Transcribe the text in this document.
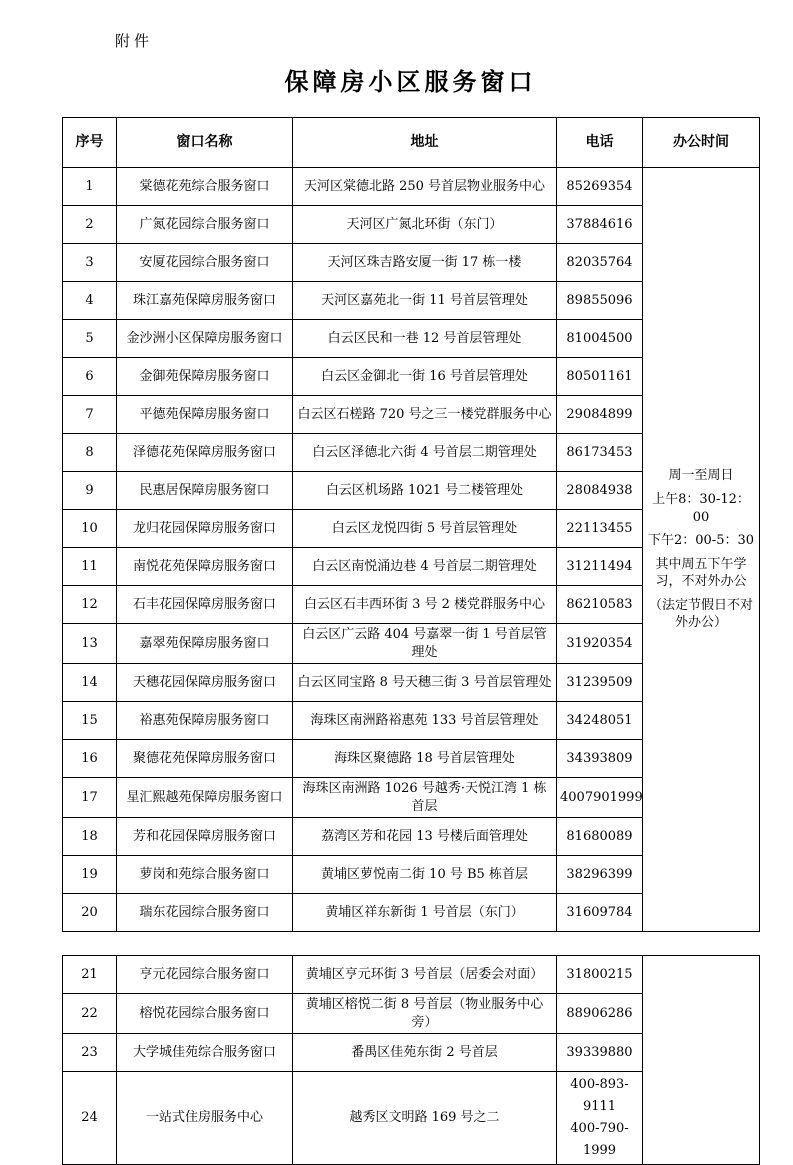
附件
保障房小区服务窗口
序号	窗口名称	地址	电话	办公时间
1	棠德花苑综合服务窗口	天河区棠德北路 250 号首层物业服务中心	85269354	周一至周日
上午8：30-12：00
下午2：00-5：30
其中周五下午学习，不对外办公
（法定节假日不对外办公）

2	广氮花园综合服务窗口	天河区广氮北环街（东门）	37884616	
3	安厦花园综合服务窗口	天河区珠吉路安厦一街 17 栋一楼	82035764	
4	珠江嘉苑保障房服务窗口	天河区嘉苑北一街 11 号首层管理处	89855096	
5	金沙洲小区保障房服务窗口	白云区民和一巷 12 号首层管理处	81004500	
6	金御苑保障房服务窗口	白云区金御北一街 16 号首层管理处	80501161	
7	平德苑保障房服务窗口	白云区石槎路 720 号之三一楼党群服务中心	29084899	
8	泽德花苑保障房服务窗口	白云区泽德北六街 4 号首层二期管理处	86173453	
9	民惠居保障房服务窗口	白云区机场路 1021 号二楼管理处	28084938	
10	龙归花园保障房服务窗口	白云区龙悦四街 5 号首层管理处	22113455	
11	南悦花苑保障房服务窗口	白云区南悦涌边巷 4 号首层二期管理处	31211494	
12	石丰花园保障房服务窗口	白云区石丰西环街 3 号 2 楼党群服务中心	86210583	
13	嘉翠苑保障房服务窗口	白云区广云路 404 号嘉翠一街 1 号首层管理处	31920354	
14	天穗花园保障房服务窗口	白云区同宝路 8 号天穗三街 3 号首层管理处	31239509	
15	裕惠苑保障房服务窗口	海珠区南洲路裕惠苑 133 号首层管理处	34248051	
16	聚德花苑保障房服务窗口	海珠区聚德路 18 号首层管理处	34393809	
17	星汇熙越苑保障房服务窗口	海珠区南洲路 1026 号越秀·天悦江湾 1 栋首层	4007901999	
18	芳和花园保障房服务窗口	荔湾区芳和花园 13 号楼后面管理处	81680089	
19	萝岗和苑综合服务窗口	黄埔区萝悦南二街 10 号 B5 栋首层	38296399	
20	瑞东花园综合服务窗口	黄埔区祥东新街 1 号首层（东门）	31609784	
21	亨元花园综合服务窗口	黄埔区亨元环街 3 号首层（居委会对面）	31800215	
22	榕悦花园综合服务窗口	黄埔区榕悦二街 8 号首层（物业服务中心旁）	88906286	
23	大学城佳苑综合服务窗口	番禺区佳苑东街 2 号首层	39339880	
24	一站式住房服务中心	越秀区文明路 169 号之二	400-893-9111
400-790-1999	
